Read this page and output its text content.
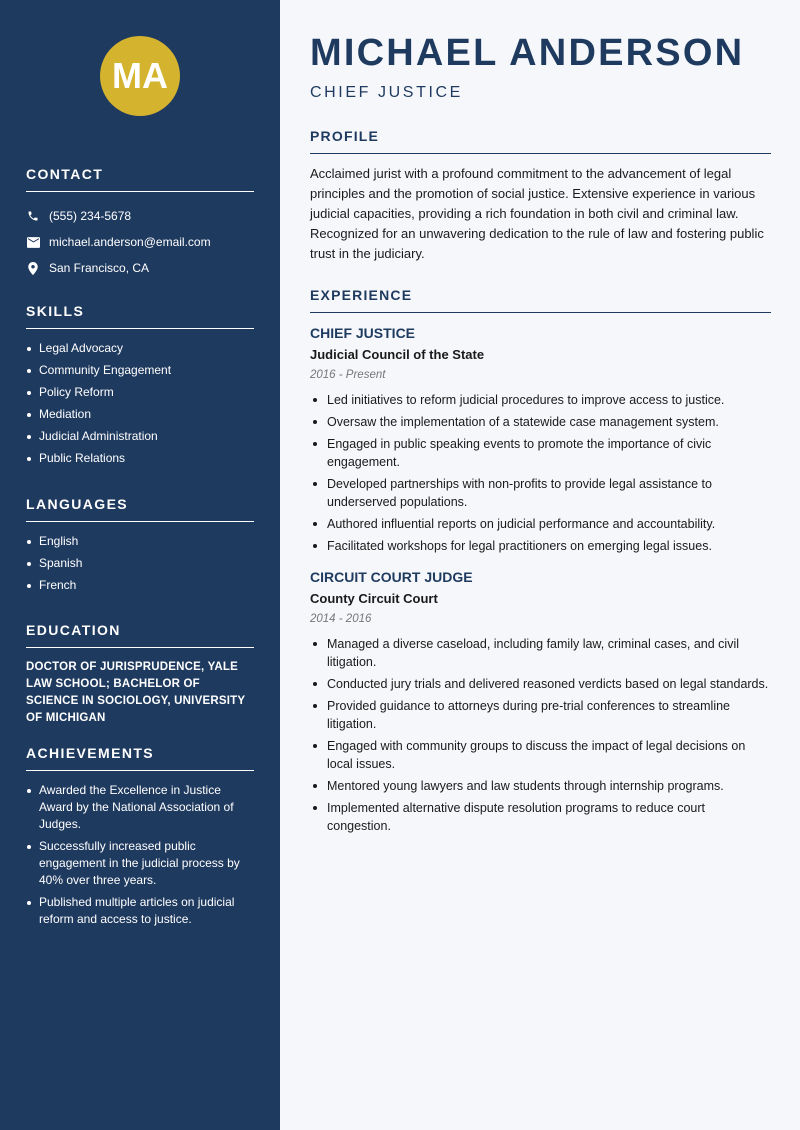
MA
CONTACT
(555) 234-5678
michael.anderson@email.com
San Francisco, CA
SKILLS
Legal Advocacy
Community Engagement
Policy Reform
Mediation
Judicial Administration
Public Relations
LANGUAGES
English
Spanish
French
EDUCATION

DOCTOR OF JURISPRUDENCE, YALE LAW SCHOOL; BACHELOR OF SCIENCE IN SOCIOLOGY, UNIVERSITY OF MICHIGAN

ACHIEVEMENTS
Awarded the Excellence in Justice Award by the National Association of Judges.
Successfully increased public engagement in the judicial process by 40% over three years.
Published multiple articles on judicial reform and access to justice.
MICHAEL ANDERSON
CHIEF JUSTICE
PROFILE

Acclaimed jurist with a profound commitment to the advancement of legal principles and the promotion of social justice. Extensive experience in various judicial capacities, providing a rich foundation in both civil and criminal law. Recognized for an unwavering dedication to the rule of law and fostering public trust in the judiciary.

EXPERIENCE
CHIEF JUSTICE
Judicial Council of the State
2016 - Present
Led initiatives to reform judicial procedures to improve access to justice.
Oversaw the implementation of a statewide case management system.
Engaged in public speaking events to promote the importance of civic engagement.
Developed partnerships with non-profits to provide legal assistance to underserved populations.
Authored influential reports on judicial performance and accountability.
Facilitated workshops for legal practitioners on emerging legal issues.
CIRCUIT COURT JUDGE
County Circuit Court
2014 - 2016
Managed a diverse caseload, including family law, criminal cases, and civil litigation.
Conducted jury trials and delivered reasoned verdicts based on legal standards.
Provided guidance to attorneys during pre-trial conferences to streamline litigation.
Engaged with community groups to discuss the impact of legal decisions on local issues.
Mentored young lawyers and law students through internship programs.
Implemented alternative dispute resolution programs to reduce court congestion.
